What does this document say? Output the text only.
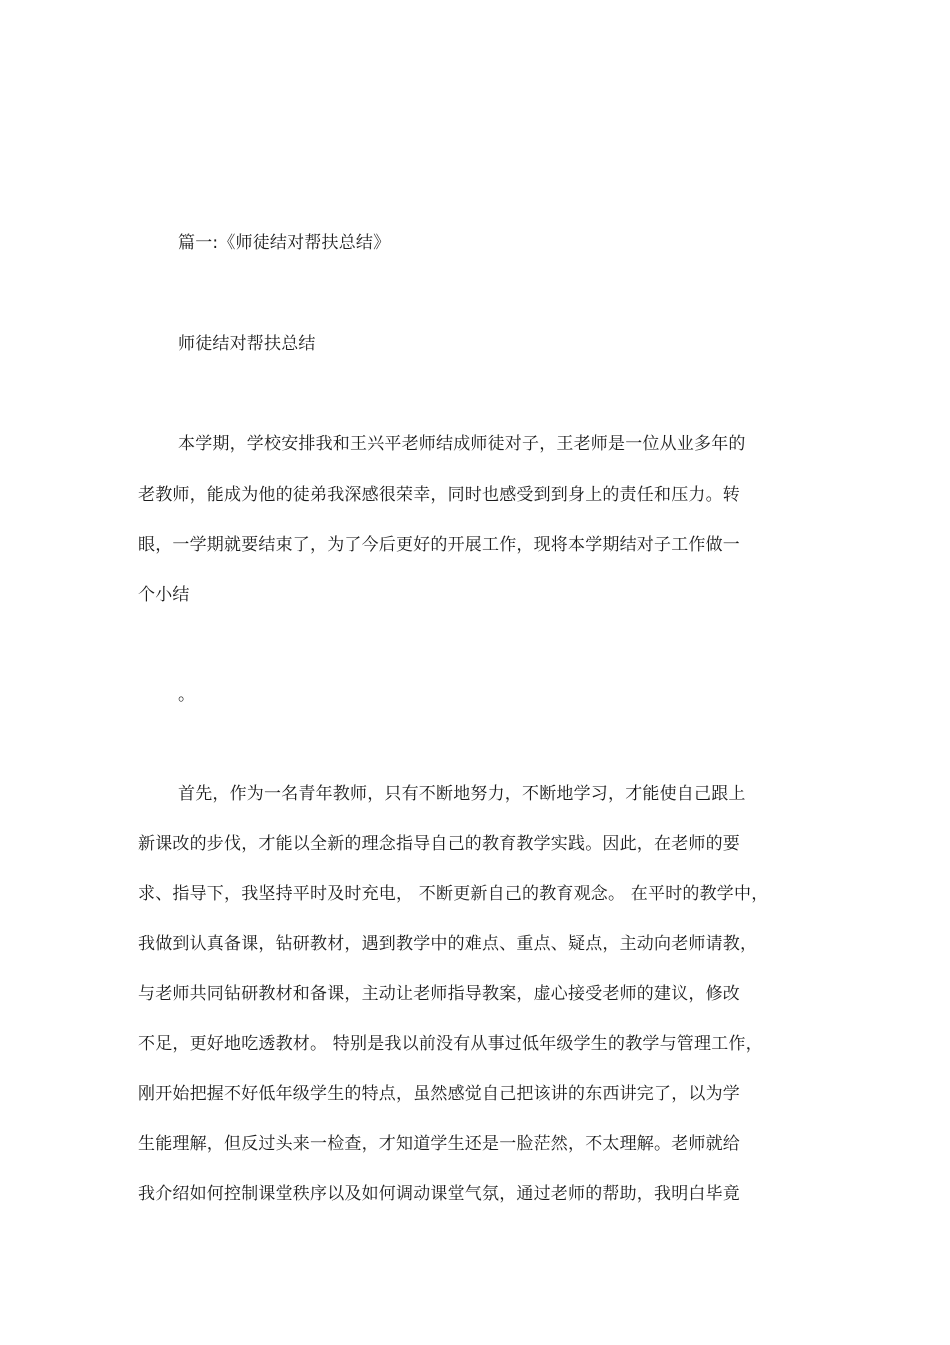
篇一:《师徒结对帮扶总结》
师徒结对帮扶总结
本学期，学校安排我和王兴平老师结成师徒对子，王老师是一位从业多年的
老教师，能成为他的徒弟我深感很荣幸，同时也感受到到身上的责任和压力。转
眼，一学期就要结束了，为了今后更好的开展工作，现将本学期结对子工作做一
个小结
。
首先，作为一名青年教师，只有不断地努力，不断地学习，才能使自己跟上
新课改的步伐，才能以全新的理念指导自己的教育教学实践。因此，在老师的要
求、指导下，我坚持平时及时充电， 不断更新自己的教育观念。 在平时的教学中，
我做到认真备课，钻研教材，遇到教学中的难点、重点、疑点，主动向老师请教，
与老师共同钻研教材和备课，主动让老师指导教案，虚心接受老师的建议，修改
不足，更好地吃透教材。 特别是我以前没有从事过低年级学生的教学与管理工作，
刚开始把握不好低年级学生的特点，虽然感觉自己把该讲的东西讲完了，以为学
生能理解，但反过头来一检查，才知道学生还是一脸茫然，不太理解。老师就给
我介绍如何控制课堂秩序以及如何调动课堂气氛，通过老师的帮助，我明白毕竟
